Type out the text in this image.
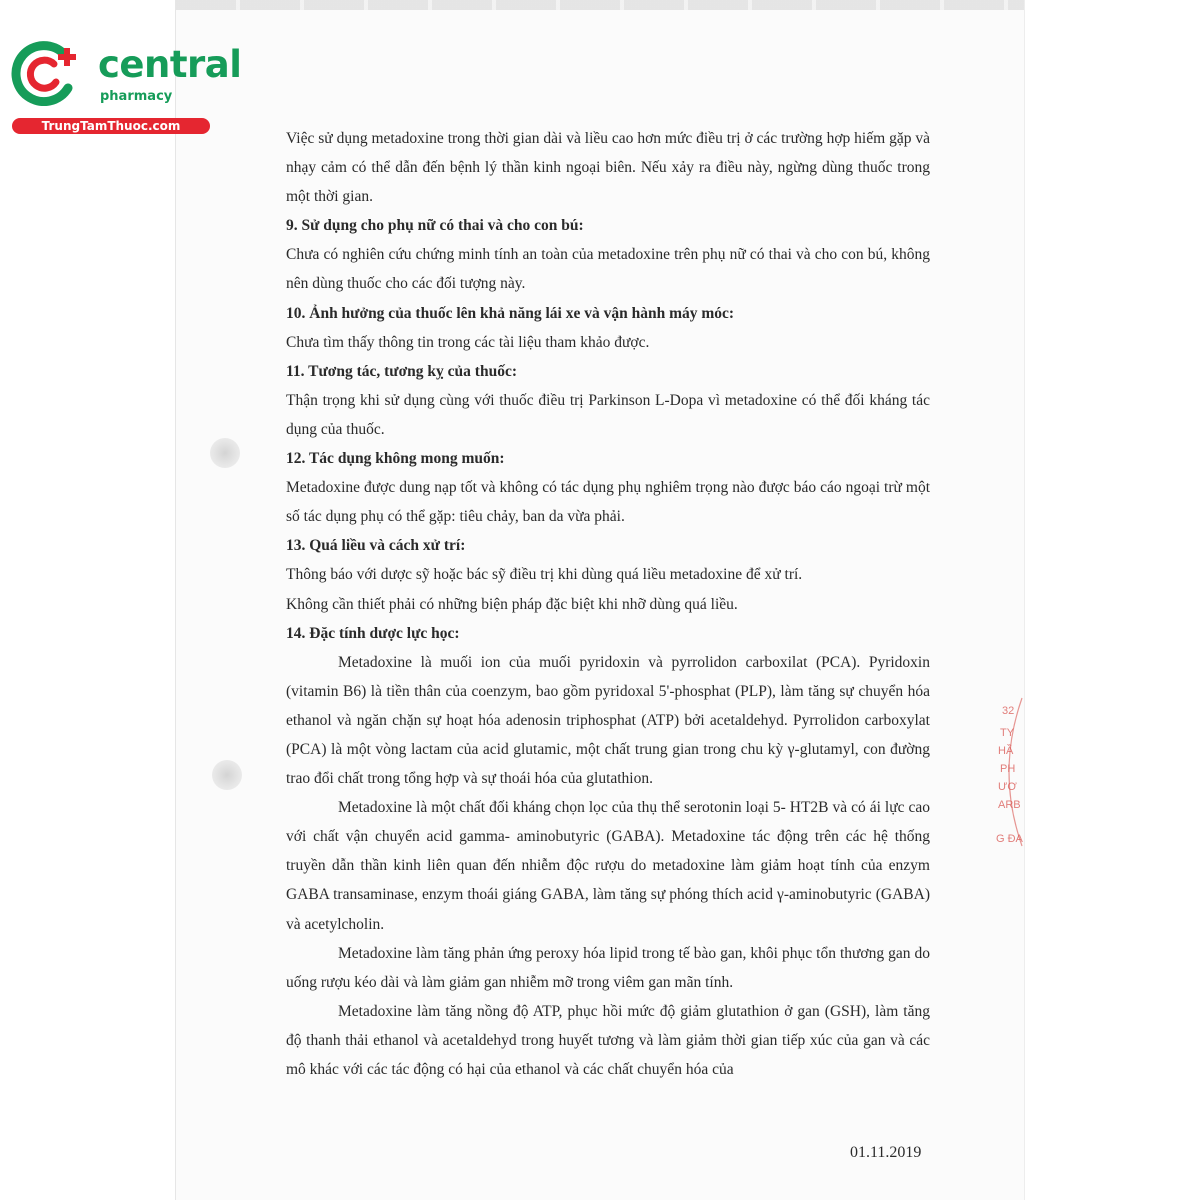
central
pharmacy
TrungTamThuoc.com

Việc sử dụng metadoxine trong thời gian dài và liều cao hơn mức điều trị ở các trường hợp hiếm gặp và nhạy cảm có thể dẫn đến bệnh lý thần kinh ngoại biên. Nếu xảy ra điều này, ngừng dùng thuốc trong một thời gian.

9. Sử dụng cho phụ nữ có thai và cho con bú:

Chưa có nghiên cứu chứng minh tính an toàn của metadoxine trên phụ nữ có thai và cho con bú, không nên dùng thuốc cho các đối tượng này.

10. Ảnh hưởng của thuốc lên khả năng lái xe và vận hành máy móc:

Chưa tìm thấy thông tin trong các tài liệu tham khảo được.

11. Tương tác, tương kỵ của thuốc:

Thận trọng khi sử dụng cùng với thuốc điều trị Parkinson L-Dopa vì metadoxine có thể đối kháng tác dụng của thuốc.

12. Tác dụng không mong muốn:

Metadoxine được dung nạp tốt và không có tác dụng phụ nghiêm trọng nào được báo cáo ngoại trừ một số tác dụng phụ có thể gặp: tiêu chảy, ban da vừa phải.

13. Quá liều và cách xử trí:

Thông báo với dược sỹ hoặc bác sỹ điều trị khi dùng quá liều metadoxine để xử trí.

Không cần thiết phải có những biện pháp đặc biệt khi nhỡ dùng quá liều.

14. Đặc tính dược lực học:

Metadoxine là muối ion của muối pyridoxin và pyrrolidon carboxilat (PCA). Pyridoxin (vitamin B6) là tiền thân của coenzym, bao gồm pyridoxal 5'-phosphat (PLP), làm tăng sự chuyển hóa ethanol và ngăn chặn sự hoạt hóa adenosin triphosphat (ATP) bởi acetaldehyd. Pyrrolidon carboxylat (PCA) là một vòng lactam của acid glutamic, một chất trung gian trong chu kỳ γ-glutamyl, con đường trao đổi chất trong tổng hợp và sự thoái hóa của glutathion.

Metadoxine là một chất đối kháng chọn lọc của thụ thể serotonin loại 5- HT2B và có ái lực cao với chất vận chuyển acid gamma- aminobutyric (GABA). Metadoxine tác động trên các hệ thống truyền dẫn thần kinh liên quan đến nhiễm độc rượu do metadoxine làm giảm hoạt tính của enzym GABA transaminase, enzym thoái giáng GABA, làm tăng sự phóng thích acid γ-aminobutyric (GABA) và acetylcholin.

Metadoxine làm tăng phản ứng peroxy hóa lipid trong tế bào gan, khôi phục tổn thương gan do uống rượu kéo dài và làm giảm gan nhiễm mỡ trong viêm gan mãn tính.

Metadoxine làm tăng nồng độ ATP, phục hồi mức độ giảm glutathion ở gan (GSH), làm tăng độ thanh thải ethanol và acetaldehyd trong huyết tương và làm giảm thời gian tiếp xúc của gan và các mô khác với các tác động có hại của ethanol và các chất chuyển hóa của

01.11.2019
32
TY
HẦ
PH
ƯƠ
ARB
G ĐA
